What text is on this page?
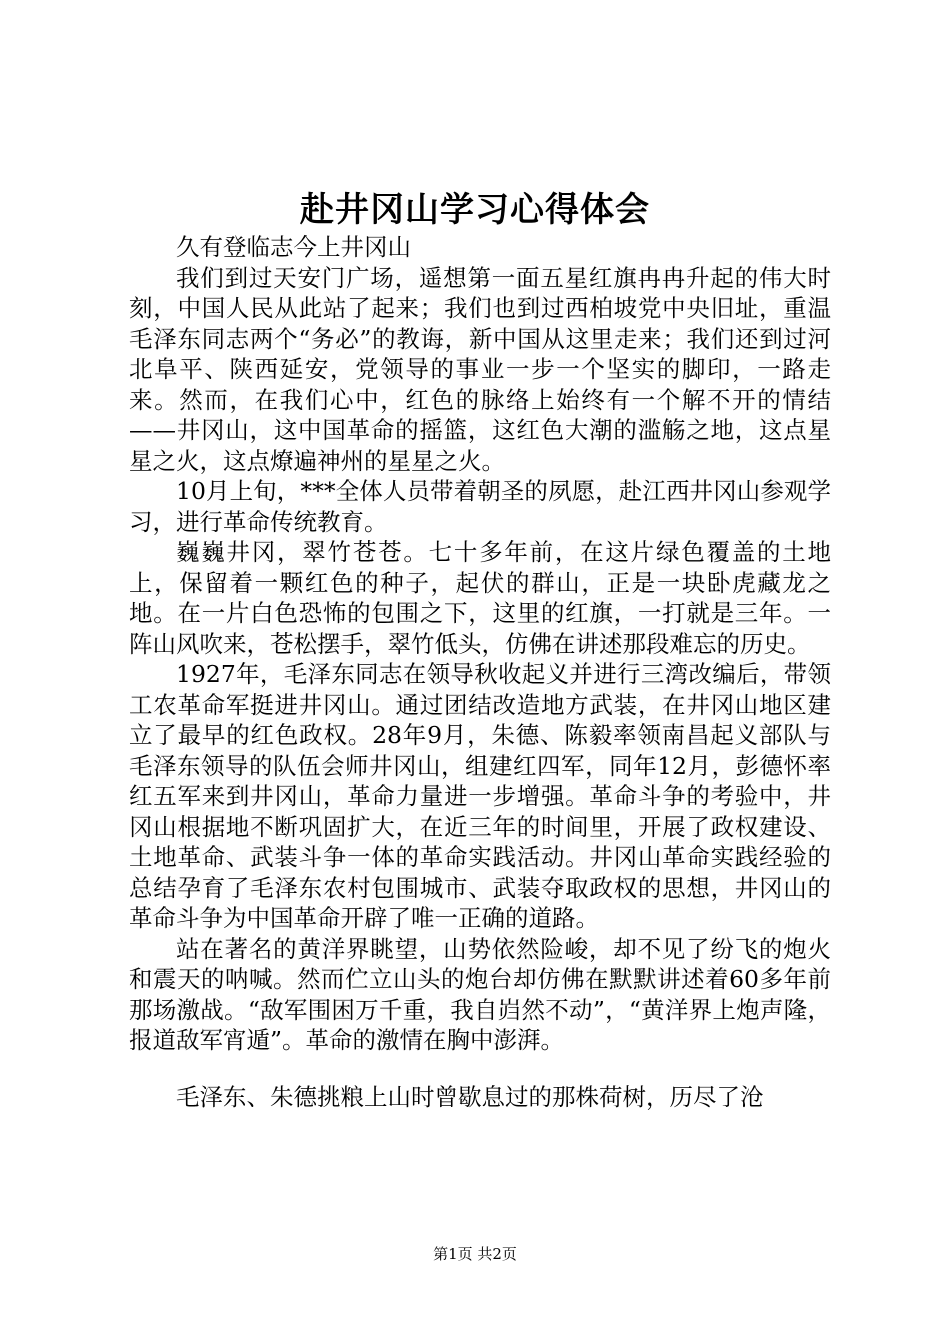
赴井冈山学习心得体会

久有登临志今上井冈山

我们到过天安门广场，遥想第一面五星红旗冉冉升起的伟大时刻，中国人民从此站了起来；我们也到过西柏坡党中央旧址，重温毛泽东同志两个“务必”的教诲，新中国从这里走来；我们还到过河北阜平、陕西延安，党领导的事业一步一个坚实的脚印，一路走来。然而，在我们心中，红色的脉络上始终有一个解不开的情结——井冈山，这中国革命的摇篮，这红色大潮的滥觞之地，这点星星之火，这点燎遍神州的星星之火。

10月上旬，***全体人员带着朝圣的夙愿，赴江西井冈山参观学习，进行革命传统教育。

巍巍井冈，翠竹苍苍。七十多年前，在这片绿色覆盖的土地上，保留着一颗红色的种子，起伏的群山，正是一块卧虎藏龙之地。在一片白色恐怖的包围之下，这里的红旗，一打就是三年。一阵山风吹来，苍松摆手，翠竹低头，仿佛在讲述那段难忘的历史。

1927年，毛泽东同志在领导秋收起义并进行三湾改编后，带领工农革命军挺进井冈山。通过团结改造地方武装，在井冈山地区建立了最早的红色政权。28年9月，朱德、陈毅率领南昌起义部队与毛泽东领导的队伍会师井冈山，组建红四军，同年12月，彭德怀率红五军来到井冈山，革命力量进一步增强。革命斗争的考验中，井冈山根据地不断巩固扩大，在近三年的时间里，开展了政权建设、土地革命、武装斗争一体的革命实践活动。井冈山革命实践经验的总结孕育了毛泽东农村包围城市、武装夺取政权的思想，井冈山的革命斗争为中国革命开辟了唯一正确的道路。

站在著名的黄洋界眺望，山势依然险峻，却不见了纷飞的炮火和震天的呐喊。然而伫立山头的炮台却仿佛在默默讲述着60多年前那场激战。“敌军围困万千重，我自岿然不动”，“黄洋界上炮声隆，报道敌军宵遁”。革命的激情在胸中澎湃。

毛泽东、朱德挑粮上山时曾歇息过的那株荷树，历尽了沧

第1页 共2页
